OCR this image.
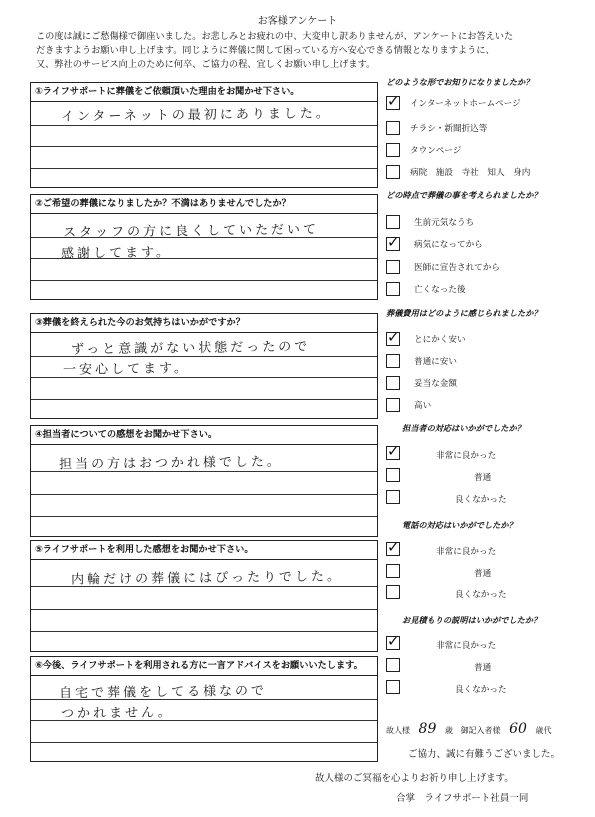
お客様アンケート
この度は誠にご愁傷様で御座いました。お悲しみとお疲れの中、大変申し訳ありませんが、アンケートにお答えいた
だきますようお願い申し上げます。同じように葬儀に関して困っている方へ安心できる情報となりますように、
又、弊社のサービス向上のために何卒、ご協力の程、宜しくお願い申し上げます。
①ライフサポートに葬儀をご依頼頂いた理由をお聞かせ下さい。
インターネットの最初にありました。
②ご希望の葬儀になりましたか？不満はありませんでしたか？
スタッフの方に良くしていただいて
感謝してます。
③葬儀を終えられた今のお気持ちはいかがですか？
ずっと意識がない状態だったので
一安心してます。
④担当者についての感想をお聞かせ下さい。
担当の方はおつかれ様でした。
⑤ライフサポートを利用した感想をお聞かせ下さい。
内輪だけの葬儀にはぴったりでした。
⑥今後、ライフサポートを利用される方に一言アドバイスをお願いいたします。
自宅で葬儀をしてる様なので
つかれません。
どのような形でお知りになりましたか？
✓ インターネットホームページ
チラシ・新聞折込等
タウンページ
病院　施設　寺社　知人　身内
どの時点で葬儀の事を考えられましたか？
生前元気なうち
✓ 病気になってから
医師に宣告されてから
亡くなった後
葬儀費用はどのように感じられましたか？
✓ とにかく安い
普通に安い
妥当な金額
高い
担当者の対応はいかがでしたか？
✓	非常に良かった
普通
良くなかった
電話の対応はいかがでしたか？
✓	非常に良かった
普通
良くなかった
お見積もりの説明はいかがでしたか？
✓	非常に良かった
普通
良くなかった
故人様 89 歳 御記入者様 60 歳代
ご協力、誠に有難うございました。
故人様のご冥福を心よりお祈り申し上げます。
合掌　ライフサポート社員一同
